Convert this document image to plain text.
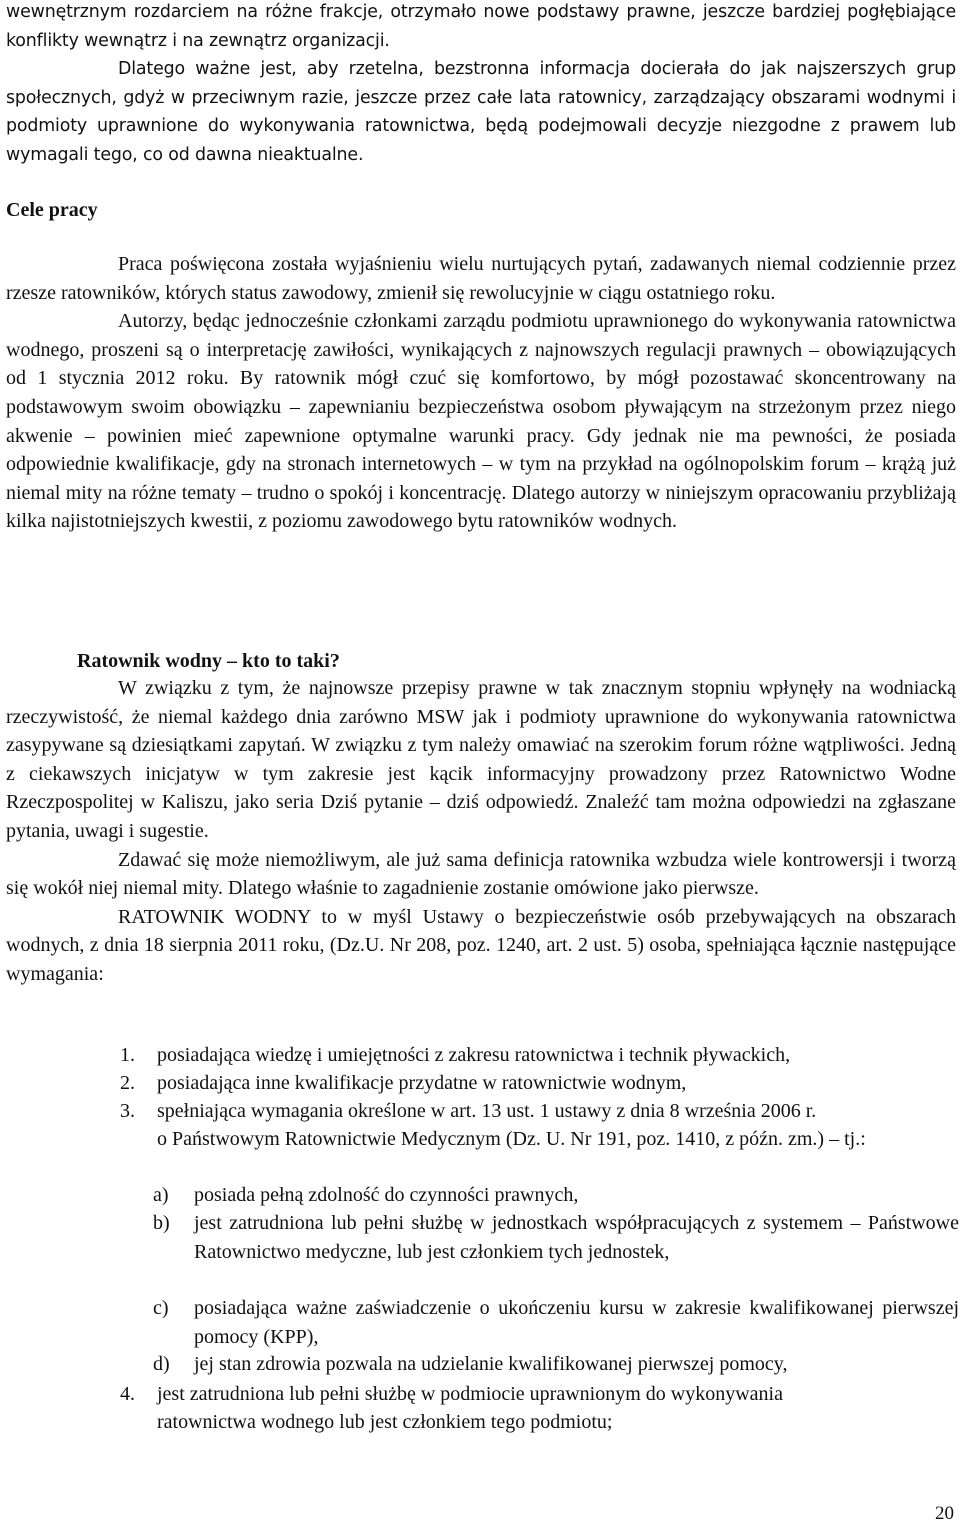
wewnętrznym rozdarciem na różne frakcje, otrzymało nowe podstawy prawne, jeszcze bardziej pogłębiające konflikty wewnątrz i na zewnątrz organizacji.

Dlatego ważne jest, aby rzetelna, bezstronna informacja docierała do jak najszerszych grup społecznych, gdyż w przeciwnym razie, jeszcze przez całe lata ratownicy, zarządzający obszarami wodnymi i podmioty uprawnione do wykonywania ratownictwa, będą podejmowali decyzje niezgodne z prawem lub wymagali tego, co od dawna nieaktualne.

Cele pracy

Praca poświęcona została wyjaśnieniu wielu nurtujących pytań, zadawanych niemal codziennie przez rzesze ratowników, których status zawodowy, zmienił się rewolucyjnie w ciągu ostatniego roku.

Autorzy, będąc jednocześnie członkami zarządu podmiotu uprawnionego do wykonywania ratownictwa wodnego, proszeni są o interpretację zawiłości, wynikających z najnowszych regulacji prawnych – obowiązujących od 1 stycznia 2012 roku. By ratownik mógł czuć się komfortowo, by mógł pozostawać skoncentrowany na podstawowym swoim obowiązku – zapewnianiu bezpieczeństwa osobom pływającym na strzeżonym przez niego akwenie – powinien mieć zapewnione optymalne warunki pracy. Gdy jednak nie ma pewności, że posiada odpowiednie kwalifikacje, gdy na stronach internetowych – w tym na przykład na ogólnopolskim forum – krążą już niemal mity na różne tematy – trudno o spokój i koncentrację. Dlatego autorzy w niniejszym opracowaniu przybliżają kilka najistotniejszych kwestii, z poziomu zawodowego bytu ratowników wodnych.

Ratownik wodny – kto to taki?

W związku z tym, że najnowsze przepisy prawne w tak znacznym stopniu wpłynęły na wodniacką rzeczywistość, że niemal każdego dnia zarówno MSW jak i podmioty uprawnione do wykonywania ratownictwa zasypywane są dziesiątkami zapytań. W związku z tym należy omawiać na szerokim forum różne wątpliwości. Jedną z ciekawszych inicjatyw w tym zakresie jest kącik informacyjny prowadzony przez Ratownictwo Wodne Rzeczpospolitej w Kaliszu, jako seria Dziś pytanie – dziś odpowiedź. Znaleźć tam można odpowiedzi na zgłaszane pytania, uwagi i sugestie.

Zdawać się może niemożliwym, ale już sama definicja ratownika wzbudza wiele kontrowersji i tworzą się wokół niej niemal mity. Dlatego właśnie to zagadnienie zostanie omówione jako pierwsze.

RATOWNIK WODNY to w myśl Ustawy o bezpieczeństwie osób przebywających na obszarach wodnych, z dnia 18 sierpnia 2011 roku, (Dz.U. Nr 208, poz. 1240, art. 2 ust. 5) osoba, spełniająca łącznie następujące wymagania:

1. posiadająca wiedzę i umiejętności z zakresu ratownictwa i technik pływackich,
2. posiadająca inne kwalifikacje przydatne w ratownictwie wodnym,
3. spełniająca wymagania określone w art. 13 ust. 1 ustawy z dnia 8 września 2006 r.
o Państwowym Ratownictwie Medycznym (Dz. U. Nr 191, poz. 1410, z późn. zm.) – tj.:
a) posiada pełną zdolność do czynności prawnych,
b) jest zatrudniona lub pełni służbę w jednostkach współpracujących z systemem – Państwowe Ratownictwo medyczne, lub jest członkiem tych jednostek,
c) posiadająca ważne zaświadczenie o ukończeniu kursu w zakresie kwalifikowanej pierwszej pomocy (KPP),
d) jej stan zdrowia pozwala na udzielanie kwalifikowanej pierwszej pomocy,
4. jest zatrudniona lub pełni służbę w podmiocie uprawnionym do wykonywania
ratownictwa wodnego lub jest członkiem tego podmiotu;
20
